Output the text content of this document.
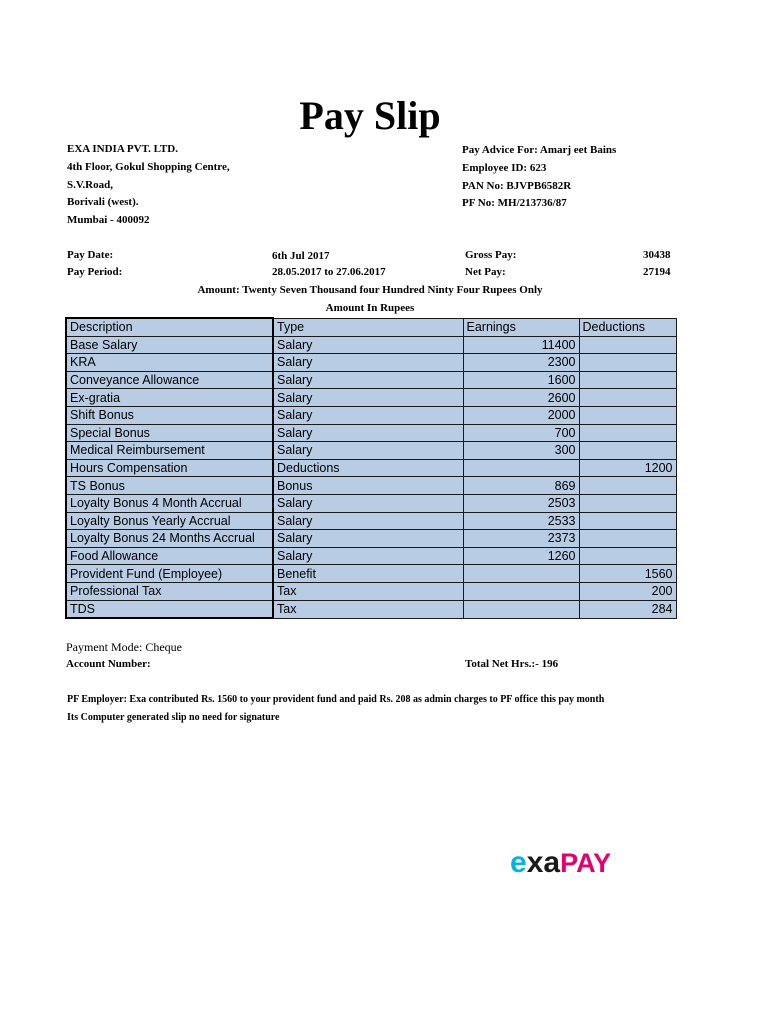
Pay Slip
EXA INDIA PVT. LTD.
4th Floor, Gokul Shopping Centre,
S.V.Road,
Borivali (west).
Mumbai - 400092
Pay Advice For: Amarj eet Bains
Employee ID: 623
PAN No: BJVPB6582R
PF No: MH/213736/87
Pay Date:	6th Jul 2017	Gross Pay:	30438
Pay Period:	28.05.2017 to 27.06.2017	Net Pay:	27194
Amount: Twenty Seven Thousand four Hundred Ninty Four Rupees Only
Amount In Rupees
Description	Type	Earnings	Deductions
Base Salary	Salary	11400	
KRA	Salary	2300	
Conveyance Allowance	Salary	1600	
Ex-gratia	Salary	2600	
Shift Bonus	Salary	2000	
Special Bonus	Salary	700	
Medical Reimbursement	Salary	300	
Hours Compensation	Deductions		1200
TS Bonus	Bonus	869	
Loyalty Bonus 4 Month Accrual	Salary	2503	
Loyalty Bonus Yearly Accrual	Salary	2533	
Loyalty Bonus 24 Months Accrual	Salary	2373	
Food Allowance	Salary	1260	
Provident Fund (Employee)	Benefit		1560
Professional Tax	Tax		200
TDS	Tax		284
Payment Mode: Cheque
Account Number:	Total Net Hrs.:- 196
PF Employer: Exa contributed Rs. 1560 to your provident fund and paid Rs. 208 as admin charges to PF office this pay month
Its Computer generated slip no need for signature
exaPAY
